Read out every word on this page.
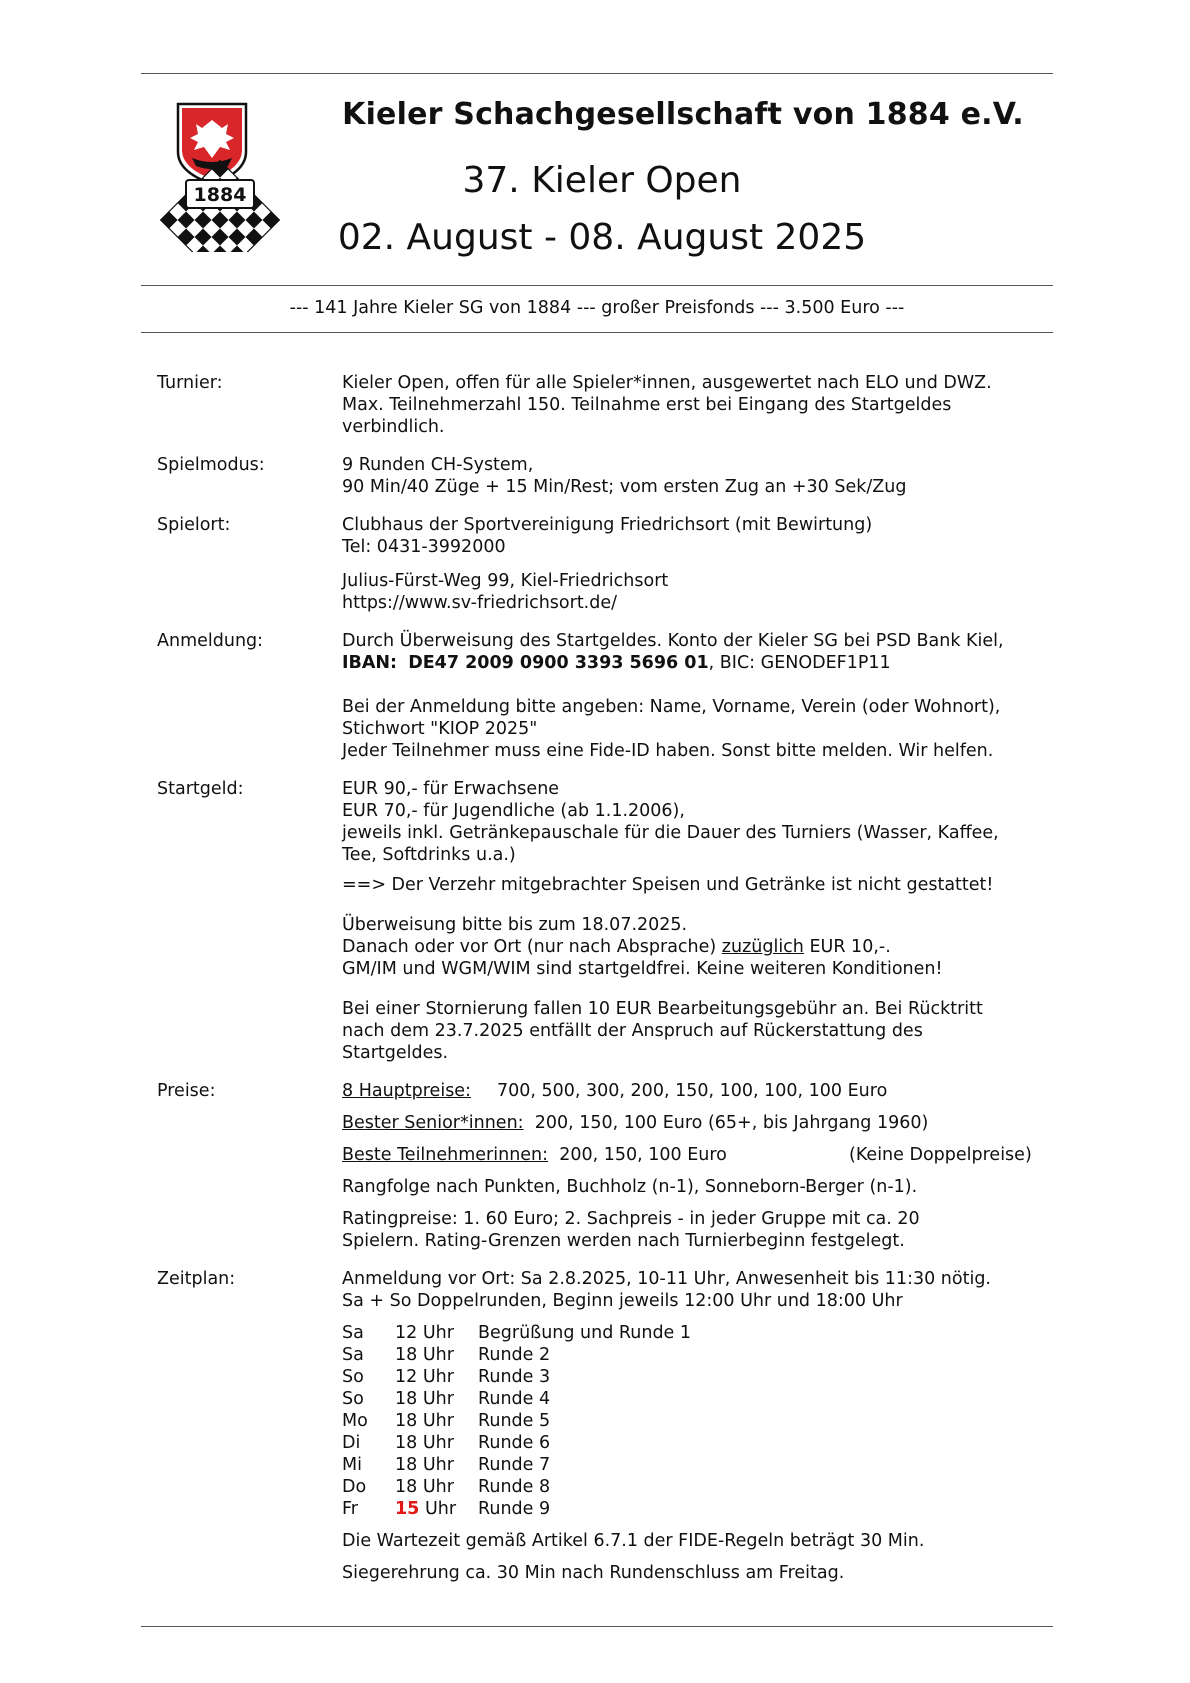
1884
Kieler Schachgesellschaft von 1884 e.V.
37. Kieler Open
02. August - 08. August 2025
--- 141 Jahre Kieler SG von 1884 --- großer Preisfonds --- 3.500 Euro ---
Turnier:	Kieler Open, offen für alle Spieler*innen, ausgewertet nach ELO und DWZ.
Max. Teilnehmerzahl 150. Teilnahme erst bei Eingang des Startgeldes
verbindlich.
Spielmodus:	9 Runden CH-System,
90 Min/40 Züge + 15 Min/Rest; vom ersten Zug an +30 Sek/Zug
Spielort:	Clubhaus der Sportvereinigung Friedrichsort (mit Bewirtung)
Tel: 0431-3992000
Julius-Fürst-Weg 99, Kiel-Friedrichsort
https://www.sv-friedrichsort.de/
Anmeldung:	Durch Überweisung des Startgeldes. Konto der Kieler SG bei PSD Bank Kiel,
IBAN: DE47 2009 0900 3393 5696 01, BIC: GENODEF1P11
Bei der Anmeldung bitte angeben: Name, Vorname, Verein (oder Wohnort),
Stichwort "KIOP 2025"
Jeder Teilnehmer muss eine Fide-ID haben. Sonst bitte melden. Wir helfen.
Startgeld:	EUR 90,- für Erwachsene
EUR 70,- für Jugendliche (ab 1.1.2006),
jeweils inkl. Getränkepauschale für die Dauer des Turniers (Wasser, Kaffee,
Tee, Softdrinks u.a.)
==> Der Verzehr mitgebrachter Speisen und Getränke ist nicht gestattet!
Überweisung bitte bis zum 18.07.2025.
Danach oder vor Ort (nur nach Absprache) zuzüglich EUR 10,-.
GM/IM und WGM/WIM sind startgeldfrei. Keine weiteren Konditionen!
Bei einer Stornierung fallen 10 EUR Bearbeitungsgebühr an. Bei Rücktritt
nach dem 23.7.2025 entfällt der Anspruch auf Rückerstattung des
Startgeldes.
Preise:	8 Hauptpreise: 700, 500, 300, 200, 150, 100, 100, 100 Euro
Bester Senior*innen: 200, 150, 100 Euro (65+, bis Jahrgang 1960)
Beste Teilnehmerinnen: 200, 150, 100 Euro	(Keine Doppelpreise)
Rangfolge nach Punkten, Buchholz (n-1), Sonneborn-Berger (n-1).
Ratingpreise: 1. 60 Euro; 2. Sachpreis - in jeder Gruppe mit ca. 20
Spielern. Rating-Grenzen werden nach Turnierbeginn festgelegt.
Zeitplan:	Anmeldung vor Ort: Sa 2.8.2025, 10-11 Uhr, Anwesenheit bis 11:30 nötig.
Sa + So Doppelrunden, Beginn jeweils 12:00 Uhr und 18:00 Uhr
Sa	12 Uhr	Begrüßung und Runde 1
Sa	18 Uhr	Runde 2
So	12 Uhr	Runde 3
So	18 Uhr	Runde 4
Mo	18 Uhr	Runde 5
Di	18 Uhr	Runde 6
Mi	18 Uhr	Runde 7
Do	18 Uhr	Runde 8
Fr	15 Uhr	Runde 9
Die Wartezeit gemäß Artikel 6.7.1 der FIDE-Regeln beträgt 30 Min.
Siegerehrung ca. 30 Min nach Rundenschluss am Freitag.
